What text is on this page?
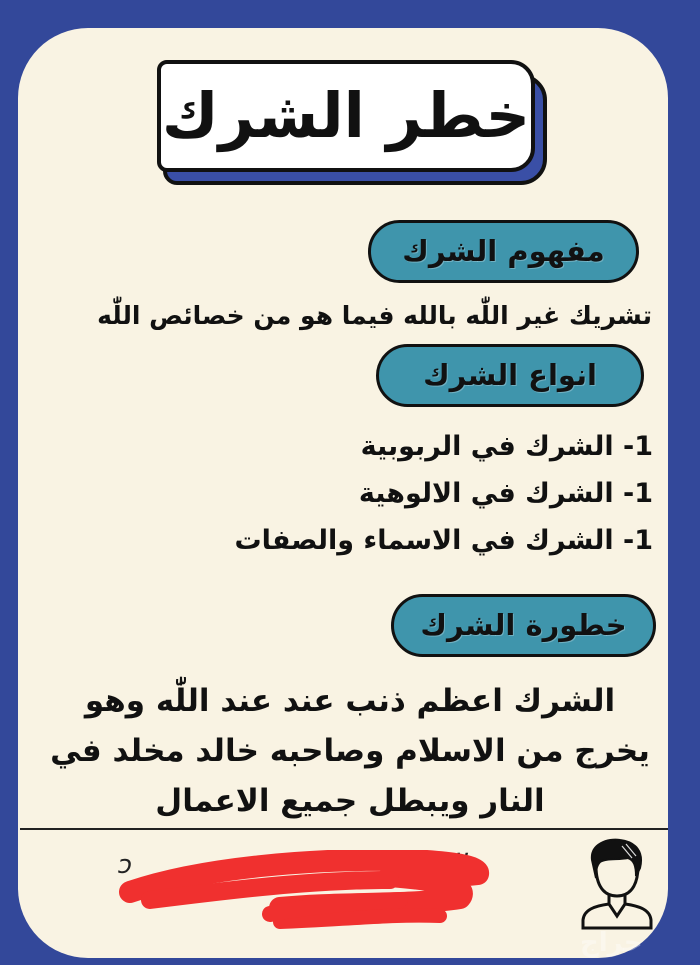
خطر الشرك
مفهوم الشرك
تشريك غير اللّٰه بالله فيما هو من خصائص اللّٰه
انواع الشرك
1- الشرك في الربوبية
1- الشرك في الالوهية
1- الشرك في الاسماء والصفات
خطورة الشرك
الشرك اعظم ذنب عند عند اللّٰه وهو
يخرج من الاسلام وصاحبه خالد مخلد في
النار ويبطل جميع الاعمال
الاسـ
ɔ
ـه
حراج
